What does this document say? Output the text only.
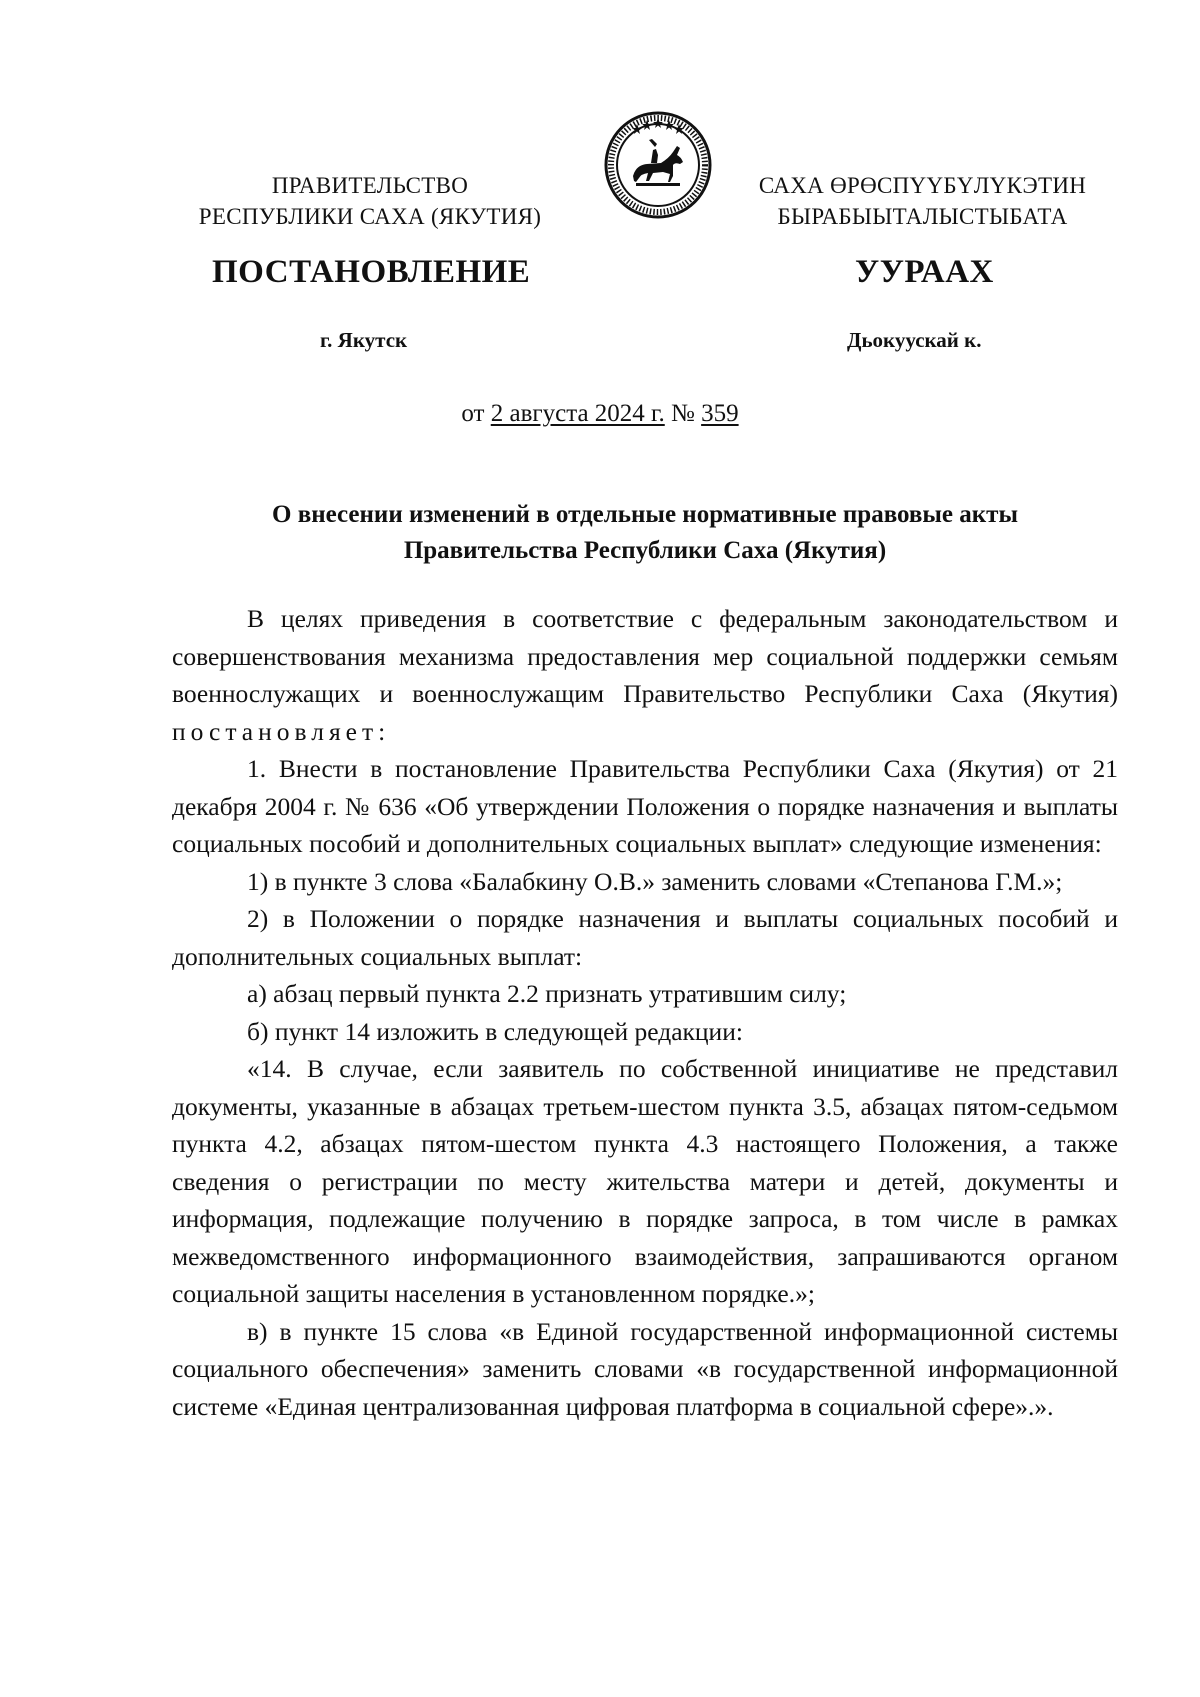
ПРАВИТЕЛЬСТВО
РЕСПУБЛИКИ САХА (ЯКУТИЯ)
САХА ӨРӨСПҮҮБҮЛҮКЭТИН
БЫРАБЫЫТАЛЫСТЫБАТА
ПОСТАНОВЛЕНИЕ	УУРААХ
г. Якутск	Дьокуускай к.
от 2 августа 2024 г. № 359
О внесении изменений в отдельные нормативные правовые акты
Правительства Республики Саха (Якутия)

В целях приведения в соответствие с федеральным законодательством и совершенствования механизма предоставления мер социальной поддержки семьям военнослужащих и военнослужащим Правительство Республики Саха (Якутия) постановляет:

1. Внести в постановление Правительства Республики Саха (Якутия) от 21 декабря 2004 г. № 636 «Об утверждении Положения о порядке назначения и выплаты социальных пособий и дополнительных социальных выплат» следующие изменения:

1) в пункте 3 слова «Балабкину О.В.» заменить словами «Степанова Г.М.»;

2) в Положении о порядке назначения и выплаты социальных пособий и дополнительных социальных выплат:

а) абзац первый пункта 2.2 признать утратившим силу;

б) пункт 14 изложить в следующей редакции:

«14. В случае, если заявитель по собственной инициативе не представил документы, указанные в абзацах третьем-шестом пункта 3.5, абзацах пятом-седьмом пункта 4.2, абзацах пятом-шестом пункта 4.3 настоящего Положения, а также сведения о регистрации по месту жительства матери и детей, документы и информация, подлежащие получению в порядке запроса, в том числе в рамках межведомственного информационного взаимодействия, запрашиваются органом социальной защиты населения в установленном порядке.»;

в) в пункте 15 слова «в Единой государственной информационной системы социального обеспечения» заменить словами «в государственной информационной системе «Единая централизованная цифровая платформа в социальной сфере».».
